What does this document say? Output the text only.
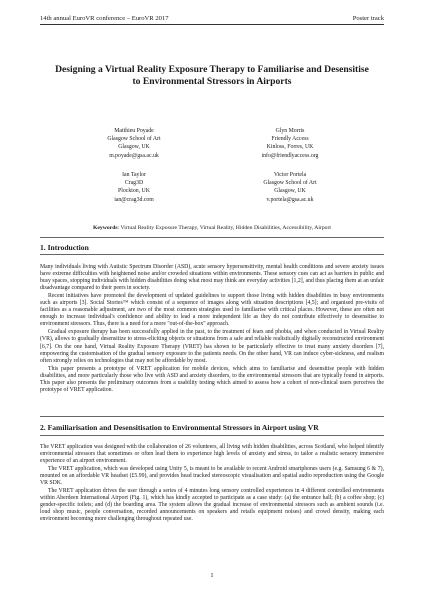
14th annual EuroVR conference – EuroVR 2017	Poster track
Designing a Virtual Reality Exposure Therapy to Familiarise and Desensitise
to Environmental Stressors in Airports
Matthieu Poyade
Glasgow School of Art
Glasgow, UK
m.poyade@gsa.ac.uk
Glyn Morris
Friendly Access
Kinloss, Forres, UK
info@friendlyaccess.org
Ian Taylor
Crag3D
Plockton, UK
ian@crag3d.com
Victor Portela
Glasgow School of Art
Glasgow, UK
v.portela@gsa.ac.uk
Keywords: Virtual Reality Exposure Therapy, Virtual Reality, Hidden Disabilities, Accessibility, Airport
1. Introduction

Many individuals living with Autistic Spectrum Disorder (ASD), acute sensory hypersensitivity, mental health conditions and severe anxiety issues have extreme difficulties with heightened noise and/or crowded situations within environments. These sensory cues can act as barriers in public and busy spaces, stopping individuals with hidden disabilities doing what most may think are everyday activities [1,2], and thus placing them at an unfair disadvantage compared to their peers in society.

Recent initiatives have promoted the development of updated guidelines to support those living with hidden disabilities in busy environments such as airports [3]. Social Stories™ which consist of a sequence of images along with situation descriptions [4,5]; and organised pre-visits of facilities as a reasonable adjustment, are two of the most common strategies used to familiarise with critical places. However, these are often not enough to increase individual's confidence and ability to lead a more independent life as they do not contribute effectively to desensitise to environment stressors. Thus, there is a need for a more "out-of-the-box" approach.

Gradual exposure therapy has been successfully applied in the past, to the treatment of fears and phobia, and when conducted in Virtual Reality (VR), allows to gradually desensitize to stress-eliciting objects or situations from a safe and reliable realistically digitally reconstructed environment [6,7]. On the one hand, Virtual Reality Exposure Therapy (VRET) has shown to be particularly effective to treat many anxiety disorders [7], empowering the customisation of the gradual sensory exposure to the patients needs. On the other hand, VR can induce cyber-sickness, and realism often strongly relies on technologies that may not be affordable by most.

This paper presents a prototype of VRET application for mobile devices, which aims to familiarise and desensitise people with hidden disabilities, and more particularly those who live with ASD and anxiety disorders, to the environmental stressors that are typically found in airports. This paper also presents the preliminary outcomes from a usability testing which aimed to assess how a cohort of non-clinical users perceives the prototype of VRET application.

2. Familiarisation and Desensitisation to Environmental Stressors in Airport using VR

The VRET application was designed with the collaboration of 26 volunteers, all living with hidden disabilities, across Scotland, who helped identify environmental stressors that sometimes or often lead them to experience high levels of anxiety and stress, to tailor a realistic sensory immersive experience of an airport environment.

The VRET application, which was developed using Unity 5, is meant to be available to recent Android smartphones users (e.g. Samsung 6 & 7), mounted on an affordable VR headset (£5.99), and provides head tracked stereoscopic visualisation and spatial audio reproduction using the Google VR SDK.

The VRET application drives the user through a series of 4 minutes long sensory controlled experiences in 4 different controlled environments within Aberdeen International Airport (Fig. 1), which has kindly accepted to participate as a case study: (a) the entrance hall; (b) a coffee shop; (c) gender-specific toilets; and (d) the boarding area. The system allows the gradual increase of environmental stressors such as ambient sounds (i.e. loud shop music, people conversation, recorded announcements on speakers and retails equipment noises) and crowd density, making each environment becoming more challenging throughout repeated use.

1
